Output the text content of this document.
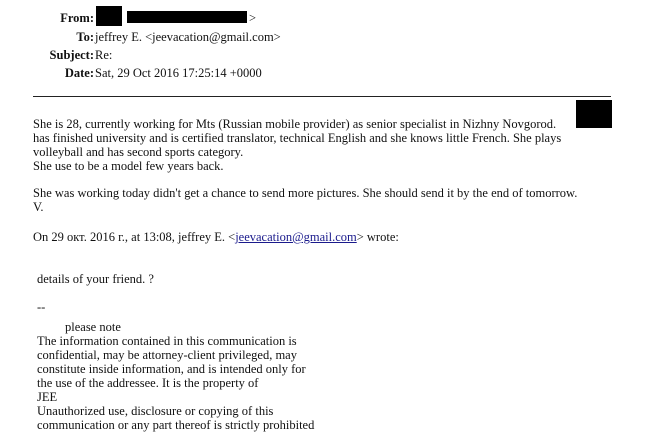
From:	>
To: jeffrey E. <jeevacation@gmail.com>
Subject: Re:
Date: Sat, 29 Oct 2016 17:25:14 +0000
She is 28, currently working for Mts (Russian mobile provider) as senior specialist in Nizhny Novgorod.
has finished university and is certified translator, technical English and she knows little French. She plays
volleyball and has second sports category.
She use to be a model few years back.
She was working today didn't get a chance to send more pictures. She should send it by the end of tomorrow.
V.
On 29 окт. 2016 г., at 13:08, jeffrey E. <jeevacation@gmail.com> wrote:
details of your friend. ?
--
please note
The information contained in this communication is
confidential, may be attorney-client privileged, may
constitute inside information, and is intended only for
the use of the addressee. It is the property of
JEE
Unauthorized use, disclosure or copying of this
communication or any part thereof is strictly prohibited
